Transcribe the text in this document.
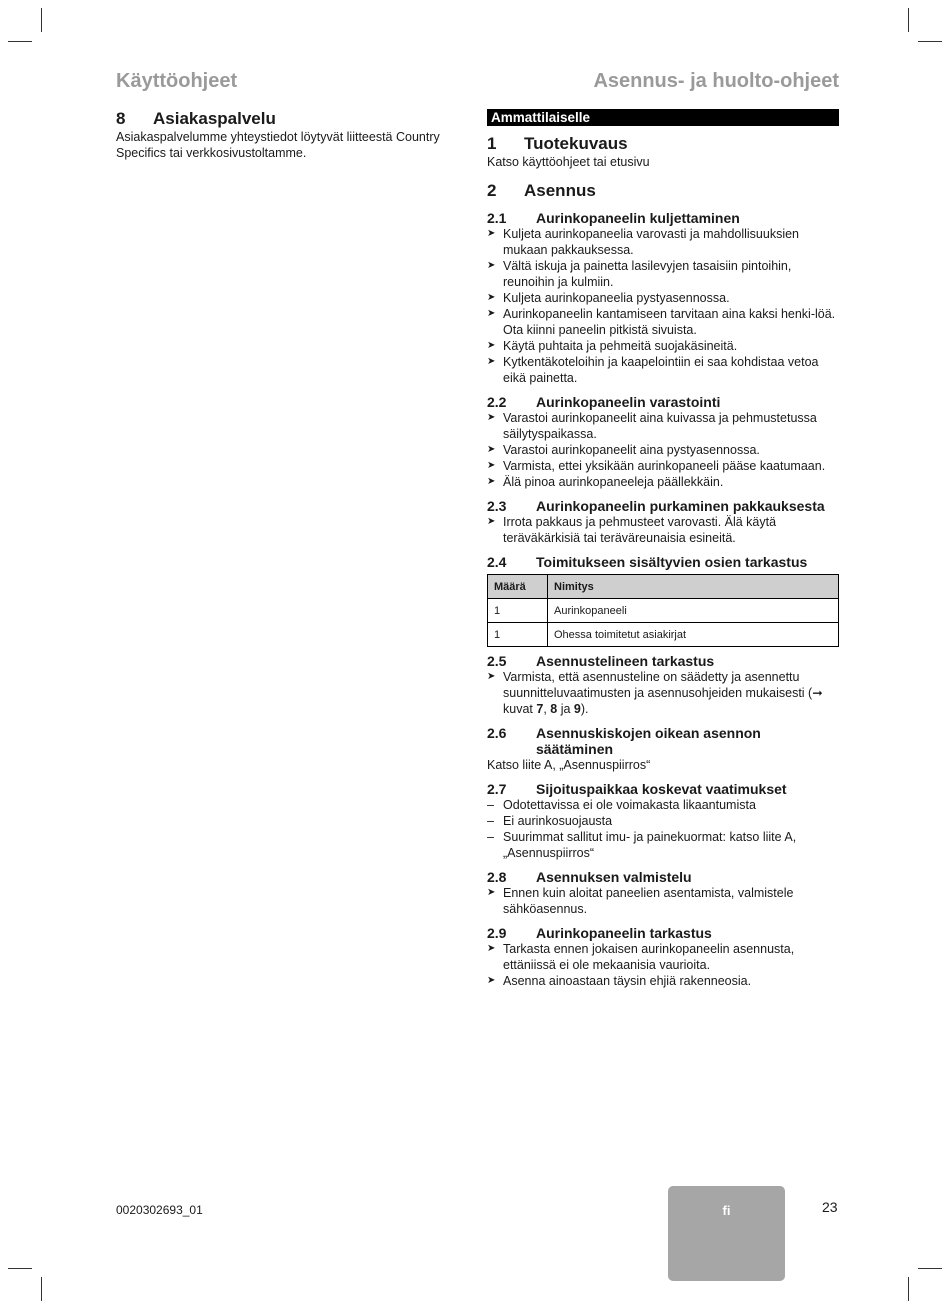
Käyttöohjeet	Asennus- ja huolto-ohjeet
8	Asiakaspalvelu

Asiakaspalvelumme yhteystiedot löytyvät liitteestä Country Specifics tai verkkosivustoltamme.

Ammattilaiselle
1	Tuotekuvaus

Katso käyttöohjeet tai etusivu

2	Asennus
2.1	Aurinkopaneelin kuljettaminen
➤ Kuljeta aurinkopaneelia varovasti ja mahdollisuuksien mukaan pakkauksessa.
➤ Vältä iskuja ja painetta lasilevyjen tasaisiin pintoihin, reunoihin ja kulmiin.
➤ Kuljeta aurinkopaneelia pystyasennossa.
➤ Aurinkopaneelin kantamiseen tarvitaan aina kaksi henki-löä. Ota kiinni paneelin pitkistä sivuista.
➤ Käytä puhtaita ja pehmeitä suojakäsineitä.
➤ Kytkentäkoteloihin ja kaapelointiin ei saa kohdistaa vetoa eikä painetta.
2.2	Aurinkopaneelin varastointi
➤ Varastoi aurinkopaneelit aina kuivassa ja pehmustetussa säilytyspaikassa.
➤ Varastoi aurinkopaneelit aina pystyasennossa.
➤ Varmista, ettei yksikään aurinkopaneeli pääse kaatumaan.
➤ Älä pinoa aurinkopaneeleja päällekkäin.
2.3	Aurinkopaneelin purkaminen pakkauksesta
➤ Irrota pakkaus ja pehmusteet varovasti. Älä käytä teräväkärkisiä tai teräväreunaisia esineitä.
2.4	Toimitukseen sisältyvien osien tarkastus
Määrä	Nimitys
1	Aurinkopaneeli
1	Ohessa toimitetut asiakirjat
2.5	Asennustelineen tarkastus
➤ Varmista, että asennusteline on säädetty ja asennettu suunnitteluvaatimusten ja asennusohjeiden mukaisesti (➞ kuvat 7, 8 ja 9).
2.6	Asennuskiskojen oikean asennon säätäminen

Katso liite A, „Asennuspiirros“

2.7	Sijoituspaikkaa koskevat vaatimukset
– Odotettavissa ei ole voimakasta likaantumista
– Ei aurinkosuojausta
– Suurimmat sallitut imu- ja painekuormat: katso liite A, „Asennuspiirros“
2.8	Asennuksen valmistelu
➤ Ennen kuin aloitat paneelien asentamista, valmistele sähköasennus.
2.9	Aurinkopaneelin tarkastus
➤ Tarkasta ennen jokaisen aurinkopaneelin asennusta, ettäniissä ei ole mekaanisia vaurioita.
➤ Asenna ainoastaan täysin ehjiä rakenneosia.
0020302693_01	fi	23
